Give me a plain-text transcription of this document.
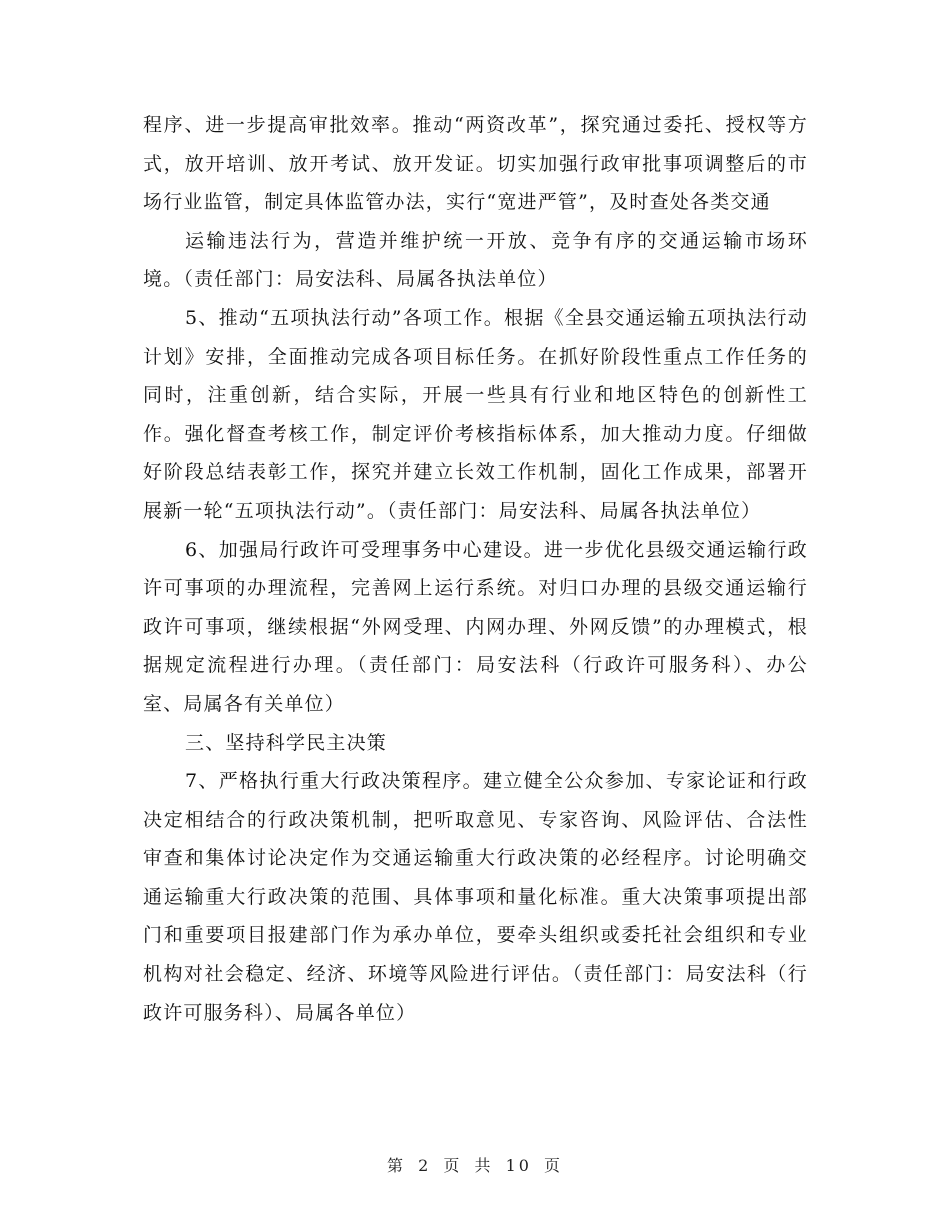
程序、进一步提高审批效率。推动“两资改革”，探究通过委托、授权等方式，放开培训、放开考试、放开发证。切实加强行政审批事项调整后的市场行业监管，制定具体监管办法，实行“宽进严管”，及时查处各类交通

运输违法行为，营造并维护统一开放、竞争有序的交通运输市场环境。（责任部门：局安法科、局属各执法单位）

5、推动“五项执法行动”各项工作。根据《全县交通运输五项执法行动计划》安排，全面推动完成各项目标任务。在抓好阶段性重点工作任务的同时，注重创新，结合实际，开展一些具有行业和地区特色的创新性工作。强化督查考核工作，制定评价考核指标体系，加大推动力度。仔细做好阶段总结表彰工作，探究并建立长效工作机制，固化工作成果，部署开展新一轮“五项执法行动”。（责任部门：局安法科、局属各执法单位）

6、加强局行政许可受理事务中心建设。进一步优化县级交通运输行政许可事项的办理流程，完善网上运行系统。对归口办理的县级交通运输行政许可事项，继续根据“外网受理、内网办理、外网反馈”的办理模式，根据规定流程进行办理。（责任部门：局安法科（行政许可服务科）、办公室、局属各有关单位）

三、坚持科学民主决策

7、严格执行重大行政决策程序。建立健全公众参加、专家论证和行政决定相结合的行政决策机制，把听取意见、专家咨询、风险评估、合法性审查和集体讨论决定作为交通运输重大行政决策的必经程序。讨论明确交通运输重大行政决策的范围、具体事项和量化标准。重大决策事项提出部门和重要项目报建部门作为承办单位，要牵头组织或委托社会组织和专业机构对社会稳定、经济、环境等风险进行评估。（责任部门：局安法科（行政许可服务科）、局属各单位）

第 2 页 共 10 页
